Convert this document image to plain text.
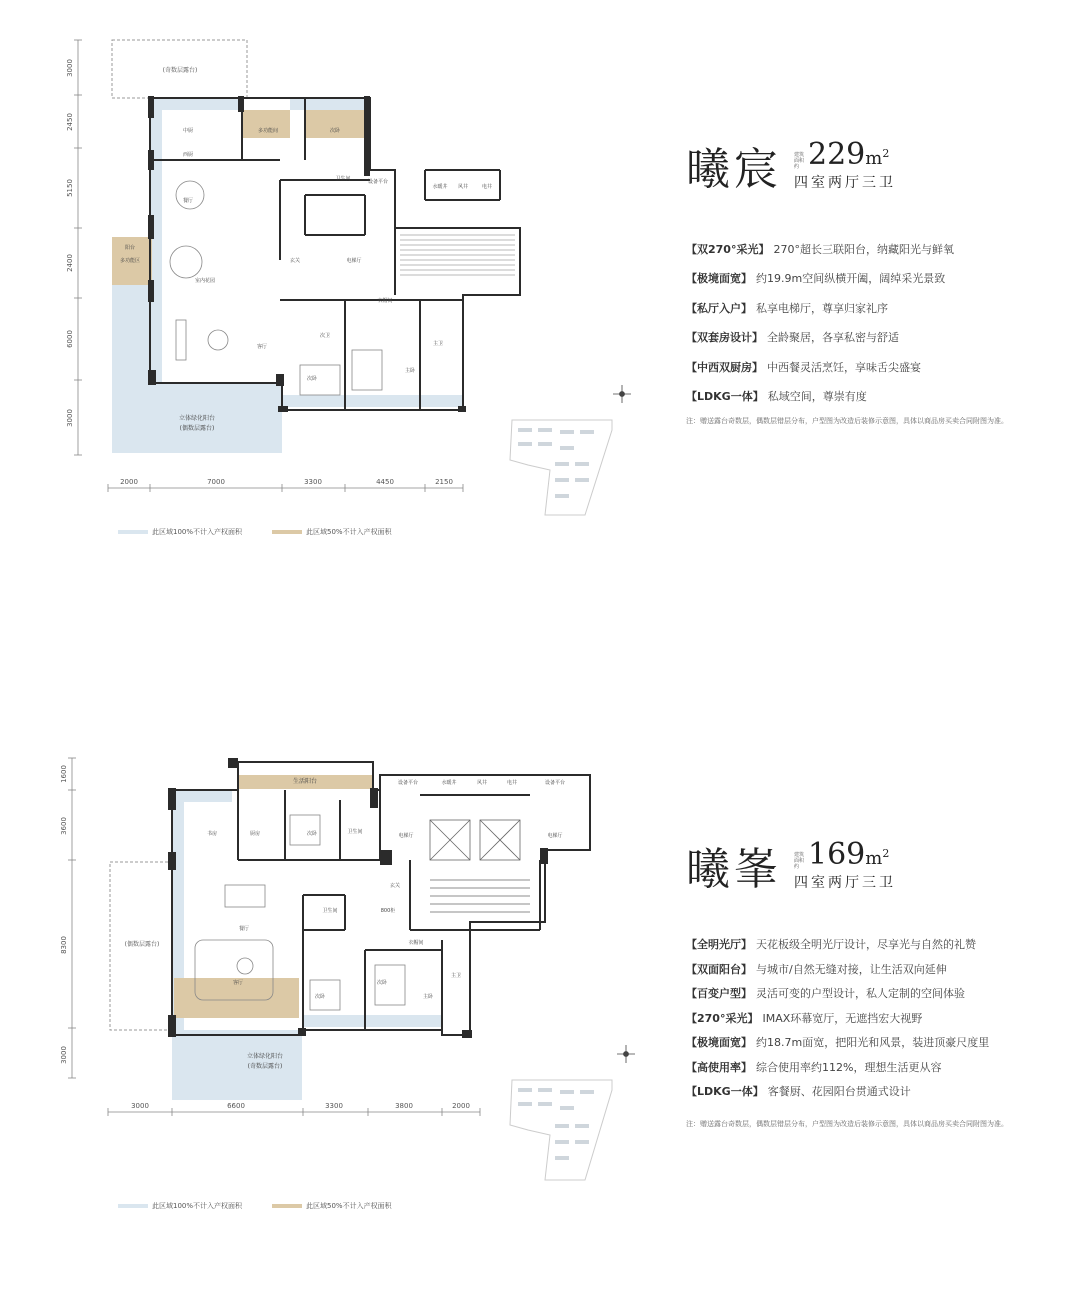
(奇数层露台)
中厨
西厨
多功能间	次卧
餐厅
阳台
多功能区
室内花园
客厅
玄关	电梯厅
卫生间	设备平台
水暖井 风井	电井
衣帽间
次卧
主卫
主卧
次卫
立体绿化阳台
(偶数层露台)
3000
2450
5150
2400
6000
3000
2000	7000	3300	4450	2150
此区域100%不计入产权面积	此区域50%不计入产权面积
曦宸 建筑面积约 229 $m^2$
四室两厅三卫
【双270°采光】 270°超长三联阳台，纳藏阳光与鲜氧
【极境面宽】 约19.9m空间纵横开阖，阔绰采光景致
【私厅入户】 私享电梯厅，尊享归家礼序
【双套房设计】 全龄聚居，各享私密与舒适
【中西双厨房】 中西餐灵活烹饪，享味舌尖盛宴
【LDKG一体】 私域空间，尊崇有度
注：赠送露台奇数层，偶数层错层分布，户型图为改造后装修示意图，具体以商品房买卖合同附图为准。
(偶数层露台)
书房	厨房	次卧	卫生间
电梯厅	电梯厅
设备平台	水暖井	风井	电井	设备平台
玄关
餐厅
卫生间	800柜
衣帽间
客厅
次卧
次卧
主卧
主卫
生活阳台
立体绿化阳台
(奇数层露台)
1600
3600
8300
3000
3000	6600	3300	3800	2000
此区域100%不计入产权面积	此区域50%不计入产权面积
曦峯 建筑面积约 169 $m^2$
四室两厅三卫
【全明光厅】 天花板级全明光厅设计，尽享光与自然的礼赞
【双面阳台】 与城市/自然无缝对接，让生活双向延伸
【百变户型】 灵活可变的户型设计，私人定制的空间体验
【270°采光】 IMAX环幕宽厅，无遮挡宏大视野
【极境面宽】 约18.7m面宽，把阳光和风景，装进顶豪尺度里
【高使用率】 综合使用率约112%，理想生活更从容
【LDKG一体】 客餐厨、花园阳台贯通式设计
注：赠送露台奇数层，偶数层错层分布，户型图为改造后装修示意图，具体以商品房买卖合同附图为准。
